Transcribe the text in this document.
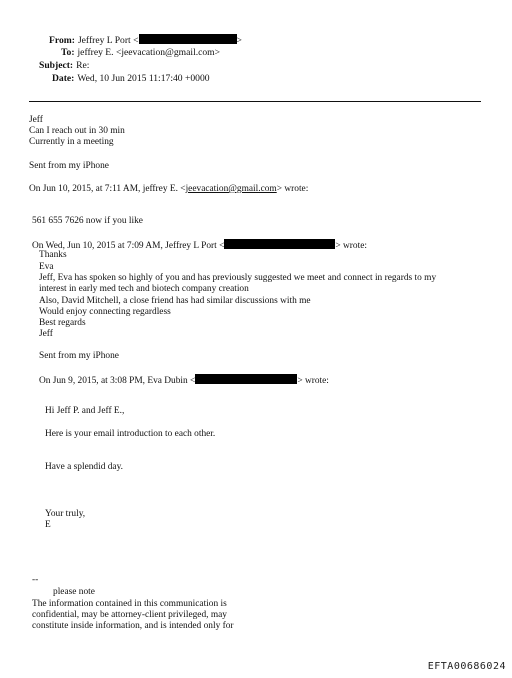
From: Jeffrey L Port <	>
To: jeffrey E. <jeevacation@gmail.com>
Subject: Re:
Date: Wed, 10 Jun 2015 11:17:40 +0000
Jeff
Can I reach out in 30 min
Currently in a meeting
Sent from my iPhone
On Jun 10, 2015, at 7:11 AM, jeffrey E. <jeevacation@gmail.com> wrote:
561 655 7626 now if you like
On Wed, Jun 10, 2015 at 7:09 AM, Jeffrey L Port <	> wrote:
Thanks
Eva
Jeff, Eva has spoken so highly of you and has previously suggested we meet and connect in regards to my
interest in early med tech and biotech company creation
Also, David Mitchell, a close friend has had similar discussions with me
Would enjoy connecting regardless
Best regards
Jeff
Sent from my iPhone
On Jun 9, 2015, at 3:08 PM, Eva Dubin <	> wrote:
Hi Jeff P. and Jeff E.,
Here is your email introduction to each other.
Have a splendid day.
Your truly,
E
--
please note
The information contained in this communication is
confidential, may be attorney-client privileged, may
constitute inside information, and is intended only for
EFTA00686024
